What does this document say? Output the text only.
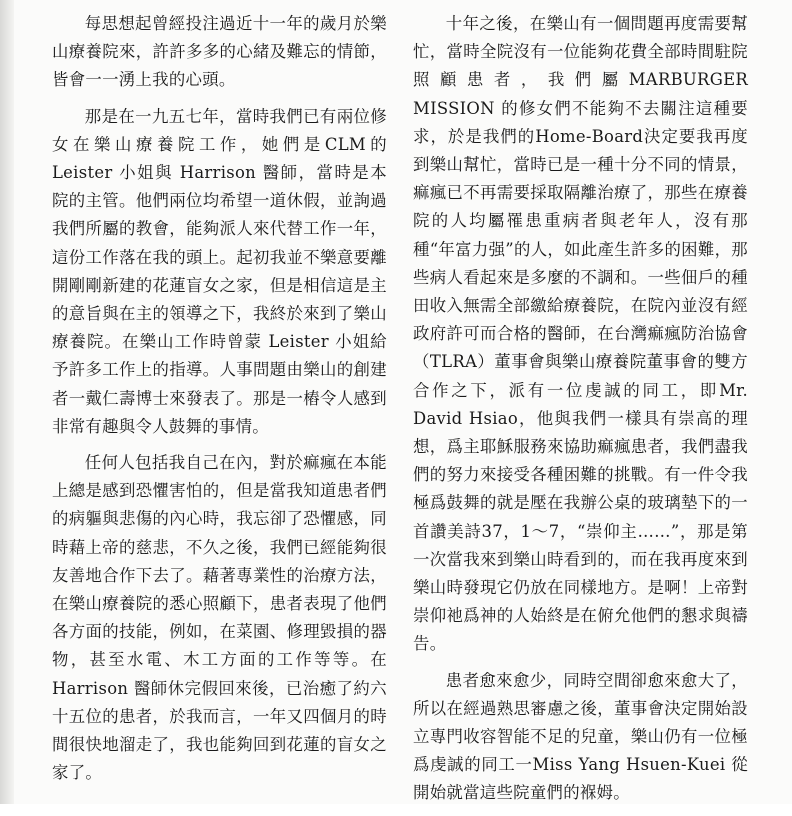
每思想起曾經投注過近十一年的歲月於樂山療養院來，許許多多的心緒及難忘的情節，皆會一一湧上我的心頭。

那是在一九五七年，當時我們已有兩位修女在樂山療養院工作，她們是CLM的 Leister 小姐與 Harrison 醫師，當時是本院的主管。他們兩位均希望一道休假，並詢過我們所屬的教會，能夠派人來代替工作一年，這份工作落在我的頭上。起初我並不樂意要離開剛剛新建的花蓮盲女之家，但是相信這是主的意旨與在主的領導之下，我終於來到了樂山療養院。在樂山工作時曾蒙 Leister 小姐給予許多工作上的指導。人事問題由樂山的創建者一戴仁壽博士來發表了。那是一樁令人感到非常有趣與令人鼓舞的事情。

任何人包括我自己在內，對於痲瘋在本能上總是感到恐懼害怕的，但是當我知道患者們的病軀與悲傷的內心時，我忘卻了恐懼感，同時藉上帝的慈悲，不久之後，我們已經能夠很友善地合作下去了。藉著專業性的治療方法，在樂山療養院的悉心照顧下，患者表現了他們各方面的技能，例如，在菜園、修理毀損的器物，甚至水電、木工方面的工作等等。在 Harrison 醫師休完假回來後，已治癒了約六十五位的患者，於我而言，一年又四個月的時間很快地溜走了，我也能夠回到花蓮的盲女之家了。

十年之後，在樂山有一個問題再度需要幫忙，當時全院沒有一位能夠花費全部時間駐院照顧患者，我們屬MARBURGER MISSION 的修女們不能夠不去關注這種要求，於是我們的Home-Board決定要我再度到樂山幫忙，當時已是一種十分不同的情景，痲瘋已不再需要採取隔離治療了，那些在療養院的人均屬罹患重病者與老年人，沒有那種“年富力强”的人，如此產生許多的困難，那些病人看起來是多麼的不調和。一些佃戶的種田收入無需全部繳給療養院，在院內並沒有經政府許可而合格的醫師，在台灣痲瘋防治協會（TLRA）董事會與樂山療養院董事會的雙方合作之下，派有一位虔誠的同工，即Mr. David Hsiao，他與我們一樣具有崇高的理想，爲主耶穌服務來協助痲瘋患者，我們盡我們的努力來接受各種困難的挑戰。有一件令我極爲鼓舞的就是壓在我辦公桌的玻璃墊下的一首讚美詩37，1～7，“崇仰主……”，那是第一次當我來到樂山時看到的，而在我再度來到樂山時發現它仍放在同樣地方。是啊！上帝對崇仰祂爲神的人始終是在俯允他們的懇求與禱告。

患者愈來愈少，同時空間卻愈來愈大了，所以在經過熟思審慮之後，董事會決定開始設立專門收容智能不足的兒童，樂山仍有一位極爲虔誠的同工一Miss Yang Hsuen-Kuei 從開始就當這些院童們的褓姆。
